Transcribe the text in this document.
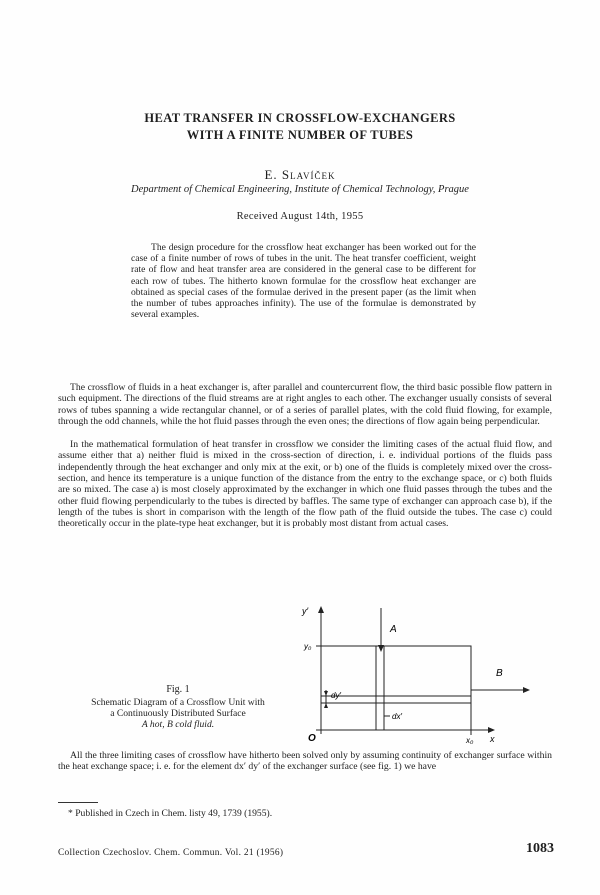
HEAT TRANSFER IN CROSSFLOW-EXCHANGERS
WITH A FINITE NUMBER OF TUBES
E. Slavíček
Department of Chemical Engineering, Institute of Chemical Technology, Prague
Received August 14th, 1955

The design procedure for the crossflow heat exchanger has been worked out for the case of a finite number of rows of tubes in the unit. The heat transfer coefficient, weight rate of flow and heat transfer area are considered in the general case to be different for each row of tubes. The hitherto known formulae for the crossflow heat exchanger are obtained as special cases of the formulae derived in the present paper (as the limit when the number of tubes approaches infinity). The use of the formulae is demonstrated by several examples.

The crossflow of fluids in a heat exchanger is, after parallel and countercurrent flow, the third basic possible flow pattern in such equipment. The directions of the fluid streams are at right angles to each other. The exchanger usually consists of several rows of tubes spanning a wide rectangular channel, or of a series of parallel plates, with the cold fluid flowing, for example, through the odd channels, while the hot fluid passes through the even ones; the directions of flow again being perpendicular.

In the mathematical formulation of heat transfer in crossflow we consider the limiting cases of the actual fluid flow, and assume either that a) neither fluid is mixed in the cross-section of direction, i. e. individual portions of the fluids pass independently through the heat exchanger and only mix at the exit, or b) one of the fluids is completely mixed over the cross-section, and hence its temperature is a unique function of the distance from the entry to the exchange space, or c) both fluids are so mixed. The case a) is most closely approximated by the exchanger in which one fluid passes through the tubes and the other fluid flowing perpendicularly to the tubes is directed by baffles. The same type of exchanger can approach case b), if the length of the tubes is short in comparison with the length of the flow path of the fluid outside the tubes. The case c) could theoretically occur in the plate-type heat exchanger, but it is probably most distant from actual cases.

y′
y₀
A
B
dy′
dx′
O	x₀ x
Fig. 1
Schematic Diagram of a Crossflow Unit with
a Continuously Distributed Surface
A hot, B cold fluid.

All the three limiting cases of crossflow have hitherto been solved only by assuming continuity of exchanger surface within the heat exchange space; i. e. for the element dx′ dy′ of the exchanger surface (see fig. 1) we have

* Published in Czech in Chem. listy 49, 1739 (1955).
Collection Czechoslov. Chem. Commun. Vol. 21 (1956)	1083
